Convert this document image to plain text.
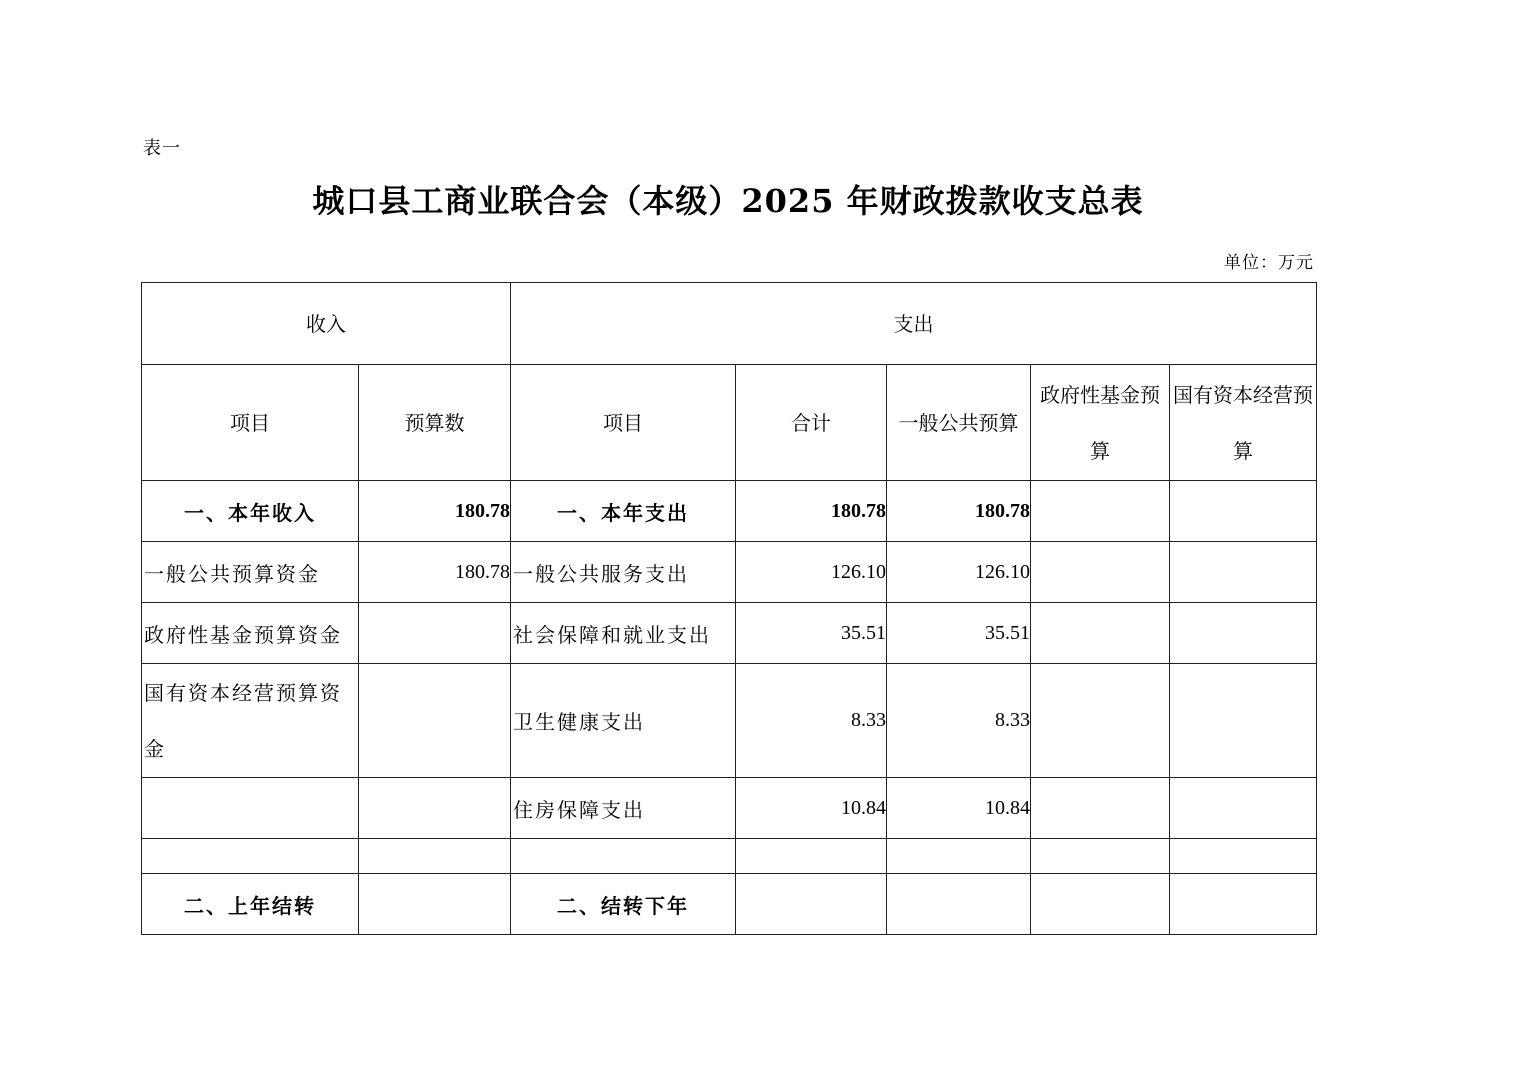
表一
城口县工商业联合会（本级）2025 年财政拨款收支总表
单位：万元
收入		支出				
项目	预算数	项目	合计	一般公共预算	政府性基金预算	国有资本经营预算
一、本年收入	180.78	一、本年支出	180.78	180.78		
一般公共预算资金	180.78	一般公共服务支出	126.10	126.10		
政府性基金预算资金		社会保障和就业支出	35.51	35.51		
国有资本经营预算资金		卫生健康支出	8.33	8.33		
		住房保障支出	10.84	10.84		

二、上年结转		二、结转下年				
